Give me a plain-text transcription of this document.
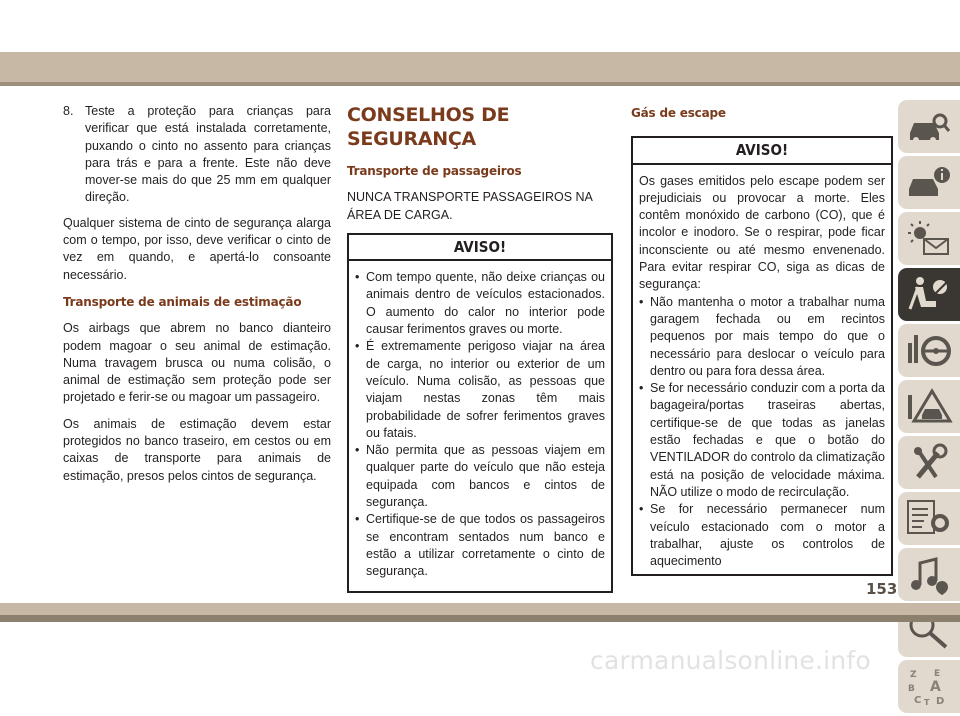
8. Teste a proteção para crianças para verificar que está instalada corretamente, puxando o cinto no assento para crianças para trás e para a frente. Este não deve mover-se mais do que 25 mm em qualquer direção.

Qualquer sistema de cinto de segurança alarga com o tempo, por isso, deve verificar o cinto de vez em quando, e apertá-lo consoante necessário.

Transporte de animais de estimação

Os airbags que abrem no banco dianteiro podem magoar o seu animal de estimação. Numa travagem brusca ou numa colisão, o animal de estimação sem proteção pode ser projetado e ferir-se ou magoar um passageiro.

Os animais de estimação devem estar protegidos no banco traseiro, em cestos ou em caixas de transporte para animais de estimação, presos pelos cintos de segurança.

CONSELHOS DE SEGURANÇA
Transporte de passageiros

NUNCA TRANSPORTE PASSAGEIROS NA ÁREA DE CARGA.

AVISO!
• Com tempo quente, não deixe crianças ou animais dentro de veículos estacionados. O aumento do calor no interior pode causar ferimentos graves ou morte.
• É extremamente perigoso viajar na área de carga, no interior ou exterior de um veículo. Numa colisão, as pessoas que viajam nestas zonas têm mais probabilidade de sofrer ferimentos graves ou fatais.
• Não permita que as pessoas viajem em qualquer parte do veículo que não esteja equipada com bancos e cintos de segurança.
• Certifique-se de que todos os passageiros se encontram sentados num banco e estão a utilizar corretamente o cinto de segurança.
Gás de escape
AVISO!

Os gases emitidos pelo escape podem ser prejudiciais ou provocar a morte. Eles contêm monóxido de carbono (CO), que é incolor e inodoro. Se o respirar, pode ficar inconsciente ou até mesmo envenenado. Para evitar respirar CO, siga as dicas de segurança:

• Não mantenha o motor a trabalhar numa garagem fechada ou em recintos pequenos por mais tempo do que o necessário para deslocar o veículo para dentro ou para fora dessa área.
• Se for necessário conduzir com a porta da bagageira/portas traseiras abertas, certifique-se de que todas as janelas estão fechadas e que o botão do VENTILADOR do controlo da climatização está na posição de velocidade máxima. NÃO utilize o modo de recirculação.
• Se for necessário permanecer num veículo estacionado com o motor a trabalhar, ajuste os controlos de aquecimento
Z E
B A
C D
T
153
carmanualsonline.info
